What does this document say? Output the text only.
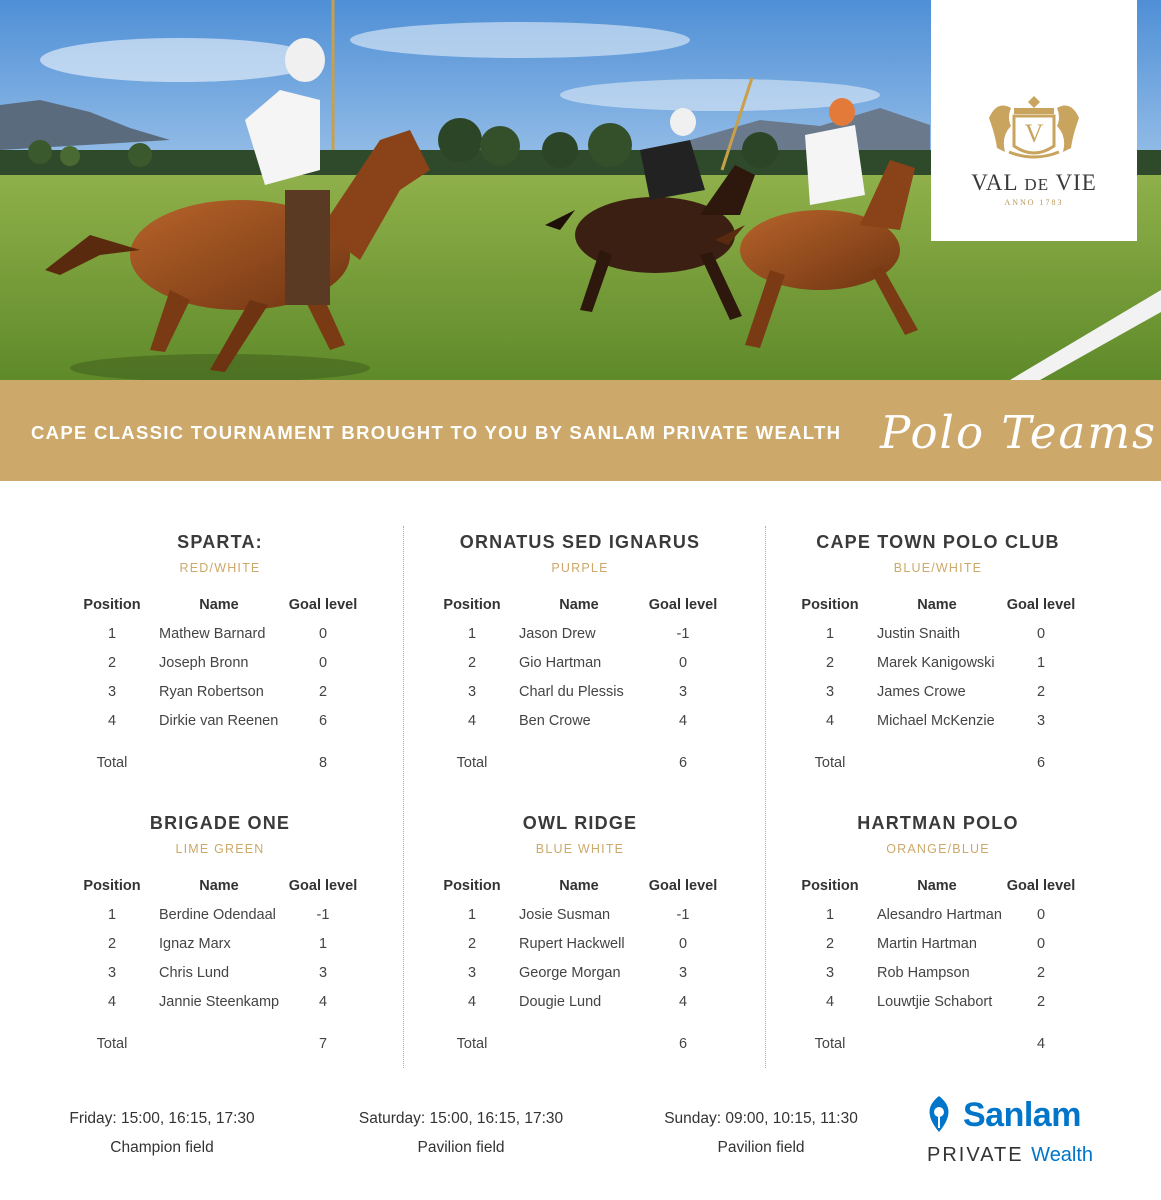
V
VAL DE VIE
ANNO 1783
CAPE CLASSIC TOURNAMENT BROUGHT TO YOU BY SANLAM PRIVATE WEALTH Polo Teams
SPARTA:
RED/WHITE
Position	Name	Goal level
1	Mathew Barnard	0
2	Joseph Bronn	0
3	Ryan Robertson	2
4	Dirkie van Reenen	6
Total	8
ORNATUS SED IGNARUS
PURPLE
Position	Name	Goal level
1	Jason Drew	-1
2	Gio Hartman	0
3	Charl du Plessis	3
4	Ben Crowe	4
Total	6
CAPE TOWN POLO CLUB
BLUE/WHITE
Position	Name	Goal level
1	Justin Snaith	0
2	Marek Kanigowski	1
3	James Crowe	2
4	Michael McKenzie	3
Total	6
BRIGADE ONE
LIME GREEN
Position	Name	Goal level
1	Berdine Odendaal	-1
2	Ignaz Marx	1
3	Chris Lund	3
4	Jannie Steenkamp	4
Total	7
OWL RIDGE
BLUE WHITE
Position	Name	Goal level
1	Josie Susman	-1
2	Rupert Hackwell	0
3	George Morgan	3
4	Dougie Lund	4
Total	6
HARTMAN POLO
ORANGE/BLUE
Position	Name	Goal level
1	Alesandro Hartman 0
2	Martin Hartman	0
3	Rob Hampson	2
4	Louwtjie Schabort	2
Total	4
Friday: 15:00, 16:15, 17:30
Champion field
Saturday: 15:00, 16:15, 17:30
Pavilion field
Sunday: 09:00, 10:15, 11:30
Pavilion field
Sanlam
PRIVATE Wealth
